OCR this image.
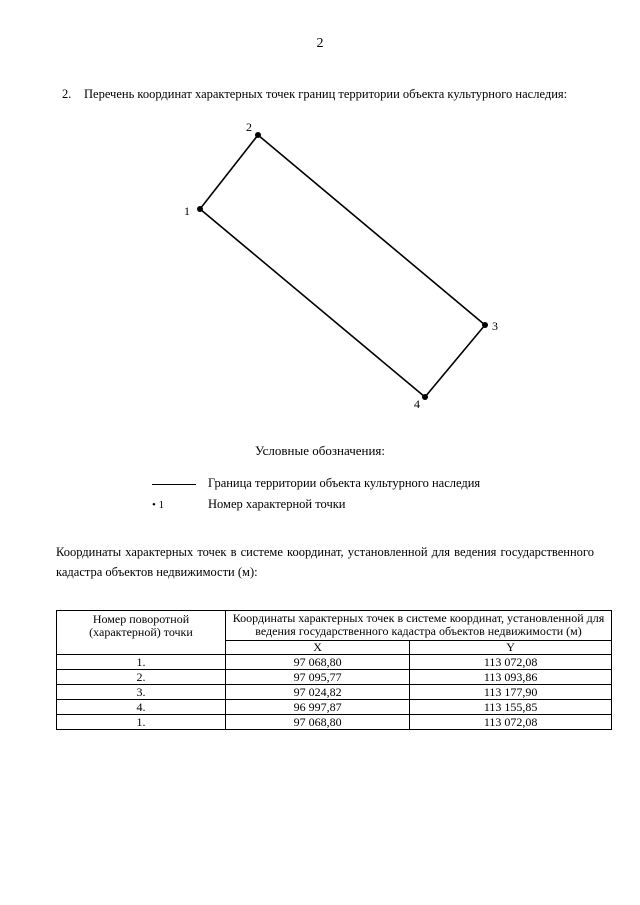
2
2. Перечень координат характерных точек границ территории объекта культурного наследия:
1
2
3
4
Условные обозначения:
Граница территории объекта культурного наследия
• 1	Номер характерной точки
Координаты характерных точек в системе координат, установленной для ведения государственного кадастра объектов недвижимости (м):
Номер поворотной (характерной) точки	Координаты характерных точек в системе координат, установленной для ведения государственного кадастра объектов недвижимости (м)	
	X	Y
1.	97 068,80	113 072,08
2.	97 095,77	113 093,86
3.	97 024,82	113 177,90
4.	96 997,87	113 155,85
1.	97 068,80	113 072,08
